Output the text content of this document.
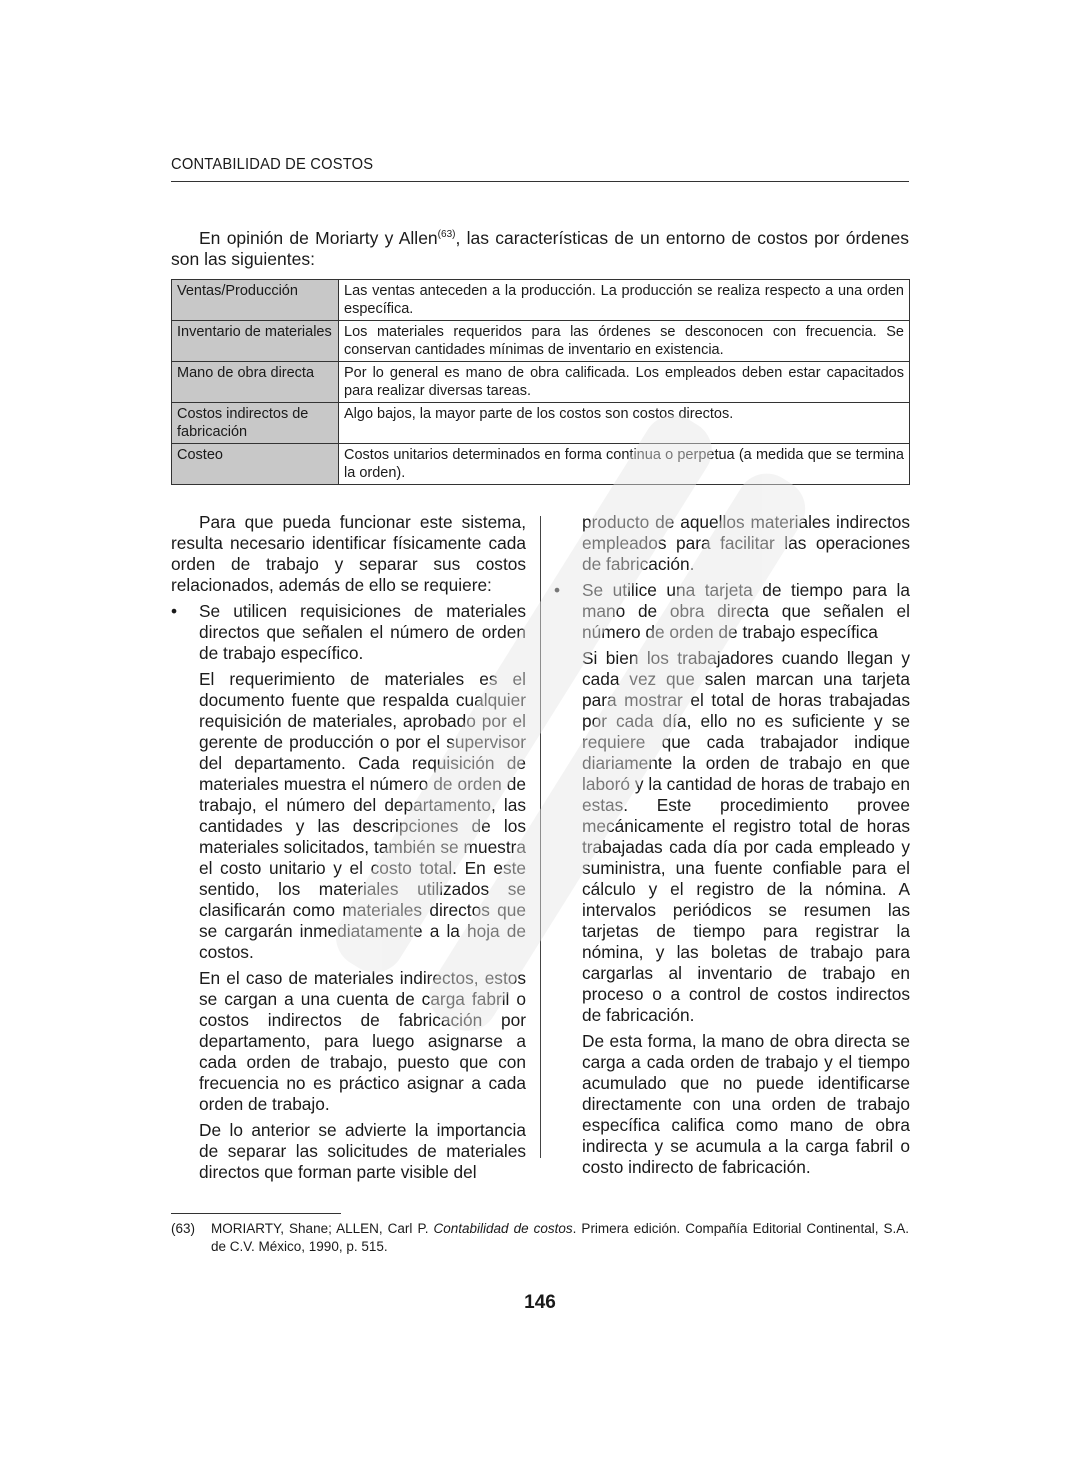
CONTABILIDAD DE COSTOS
En opinión de Moriarty y Allen$^{(63)}$, las características de un entorno de costos por órdenes son las siguientes:
Ventas/Producción	Las ventas anteceden a la producción. La producción se realiza respecto a una orden específica.
Inventario de materiales	Los materiales requeridos para las órdenes se desconocen con frecuencia. Se conservan cantidades mínimas de inventario en existencia.
Mano de obra directa	Por lo general es mano de obra calificada. Los empleados deben estar capacitados para realizar diversas tareas.
Costos indirectos de fabricación	Algo bajos, la mayor parte de los costos son costos directos.
Costeo	Costos unitarios determinados en forma continua o perpetua (a medida que se termina la orden).

Para que pueda funcionar este sistema, resulta necesario identificar físicamente cada orden de trabajo y separar sus costos relacionados, además de ello se requiere:

• Se utilicen requisiciones de materiales directos que señalen el número de orden de trabajo específico.

El requerimiento de materiales es el documento fuente que respalda cualquier requisición de materiales, aprobado por el gerente de producción o por el supervisor del departamento. Cada requisición de materiales muestra el número de orden de trabajo, el número del departamento, las cantidades y las descripciones de los materiales solicitados, también se muestra el costo unitario y el costo total. En este sentido, los materiales utilizados se clasificarán como materiales directos que se cargarán inmediatamente a la hoja de costos.

En el caso de materiales indirectos, estos se cargan a una cuenta de carga fabril o costos indirectos de fabricación por departamento, para luego asignarse a cada orden de trabajo, puesto que con frecuencia no es práctico asignar a cada orden de trabajo.

De lo anterior se advierte la importancia de separar las solicitudes de materiales directos que forman parte visible del

producto de aquellos materiales indirectos empleados para facilitar las operaciones de fabricación.

• Se utilice una tarjeta de tiempo para la mano de obra directa que señalen el número de orden de trabajo específica

Si bien los trabajadores cuando llegan y cada vez que salen marcan una tarjeta para mostrar el total de horas trabajadas por cada día, ello no es suficiente y se requiere que cada trabajador indique diariamente la orden de trabajo en que laboró y la cantidad de horas de trabajo en estas. Este procedimiento provee mecánicamente el registro total de horas trabajadas cada día por cada empleado y suministra, una fuente confiable para el cálculo y el registro de la nómina. A intervalos periódicos se resumen las tarjetas de tiempo para registrar la nómina, y las boletas de trabajo para cargarlas al inventario de trabajo en proceso o a control de costos indirectos de fabricación.

De esta forma, la mano de obra directa se carga a cada orden de trabajo y el tiempo acumulado que no puede identificarse directamente con una orden de trabajo específica califica como mano de obra indirecta y se acumula a la carga fabril o costo indirecto de fabricación.

(63)	MORIARTY, Shane; ALLEN, Carl P. Contabilidad de costos. Primera edición. Compañía Editorial Continental, S.A. de C.V. México, 1990, p. 515.
146
